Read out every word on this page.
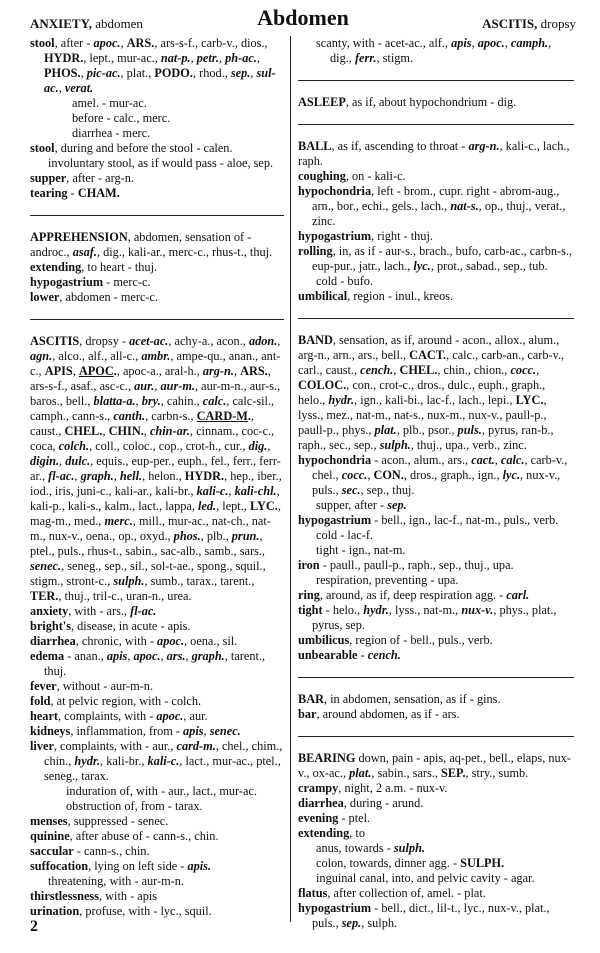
ANXIETY, abdomen	Abdomen	ASCITIS, dropsy
stool, after - apoc., ARS., ars-s-f., carb-v., dios., HYDR., lept., mur-ac., nat-p., petr., ph-ac., PHOS., pic-ac., plat., PODO., rhod., sep., sul-ac., verat.
amel. - mur-ac.
before - calc., merc.
diarrhea - merc.
stool, during and before the stool - calen.
involuntary stool, as if would pass - aloe, sep.
supper, after - arg-n.
tearing - CHAM.
APPREHENSION, abdomen, sensation of - androc., asaf., dig., kali-ar., merc-c., rhus-t., thuj.
extending, to heart - thuj.
hypogastrium - merc-c.
lower, abdomen - merc-c.
ASCITIS, dropsy - acet-ac., achy-a., acon., adon., agn., alco., alf., all-c., ambr., ampe-qu., anan., ant-c., APIS, APOC., apoc-a., aral-h., arg-n., ARS., ars-s-f., asaf., asc-c., aur., aur-m., aur-m-n., aur-s., baros., bell., blatta-a., bry., cahin., calc., calc-sil., camph., cann-s., canth., carbn-s., CARD-M., caust., CHEL., CHIN., chin-ar., cinnam., coc-c., coca, colch., coll., coloc., cop., crot-h., cur., dig., digin., dulc., equis., eup-per., euph., fel., ferr., ferr-ar., fl-ac., graph., hell., helon., HYDR., hep., iber., iod., iris, juni-c., kali-ar., kali-br., kali-c., kali-chl., kali-p., kali-s., kalm., lact., lappa, led., lept., LYC., mag-m., med., merc., mill., mur-ac., nat-ch., nat-m., nux-v., oena., op., oxyd., phos., plb., prun., ptel., puls., rhus-t., sabin., sac-alb., samb., sars., senec., seneg., sep., sil., sol-t-ae., spong., squil., stigm., stront-c., sulph., sumb., tarax., tarent., TER., thuj., tril-c., uran-n., urea.
anxiety, with - ars., fl-ac.
bright's, disease, in acute - apis.
diarrhea, chronic, with - apoc., oena., sil.
edema - anan., apis, apoc., ars., graph., tarent., thuj.
fever, without - aur-m-n.
fold, at pelvic region, with - colch.
heart, complaints, with - apoc., aur.
kidneys, inflammation, from - apis, senec.
liver, complaints, with - aur., card-m., chel., chim., chin., hydr., kali-br., kali-c., lact., mur-ac., ptel., seneg., tarax.
induration of, with - aur., lact., mur-ac.
obstruction of, from - tarax.
menses, suppressed - senec.
quinine, after abuse of - cann-s., chin.
saccular - cann-s., chin.
suffocation, lying on left side - apis.
threatening, with - aur-m-n.
thirstlessness, with - apis
urination, profuse, with - lyc., squil.
scanty, with - acet-ac., alf., apis, apoc., camph., dig., ferr., stigm.
ASLEEP, as if, about hypochondrium - dig.
BALL, as if, ascending to throat - arg-n., kali-c., lach., raph.
coughing, on - kali-c.
hypochondria, left - brom., cupr. right - abrom-aug., arn., bor., echi., gels., lach., nat-s., op., thuj., verat., zinc.
hypogastrium, right - thuj.
rolling, in, as if - aur-s., brach., bufo, carb-ac., carbn-s., eup-pur., jatr., lach., lyc., prot., sabad., sep., tub.
cold - bufo.
umbilical, region - inul., kreos.
BAND, sensation, as if, around - acon., allox., alum., arg-n., arn., ars., bell., CACT., calc., carb-an., carb-v., carl., caust., cench., CHEL., chin., chion., cocc., COLOC., con., crot-c., dros., dulc., euph., graph., helo., hydr., ign., kali-bi., lac-f., lach., lepi., LYC., lyss., mez., nat-m., nat-s., nux-m., nux-v., paull-p., paull-p., phys., plat., plb., psor., puls., pyrus, ran-b., raph., sec., sep., sulph., thuj., upa., verb., zinc.
hypochondria - acon., alum., ars., cact., calc., carb-v., chel., cocc., CON., dros., graph., ign., lyc., nux-v., puls., sec., sep., thuj.
supper, after - sep.
hypogastrium - bell., ign., lac-f., nat-m., puls., verb.
cold - lac-f.
tight - ign., nat-m.
iron - paull., paull-p., raph., sep., thuj., upa.
respiration, preventing - upa.
ring, around, as if, deep respiration agg. - carl.
tight - helo., hydr., lyss., nat-m., nux-v., phys., plat., pyrus, sep.
umbilicus, region of - bell., puls., verb.
unbearable - cench.
BAR, in abdomen, sensation, as if - gins.
bar, around abdomen, as if - ars.
BEARING down, pain - apis, aq-pet., bell., elaps, nux-v., ox-ac., plat., sabin., sars., SEP., stry., sumb.
crampy, night, 2 a.m. - nux-v.
diarrhea, during - arund.
evening - ptel.
extending, to
anus, towards - sulph.
colon, towards, dinner agg. - SULPH.
inguinal canal, into, and pelvic cavity - agar.
flatus, after collection of, amel. - plat.
hypogastrium - bell., dict., lil-t., lyc., nux-v., plat., puls., sep., sulph.
2
